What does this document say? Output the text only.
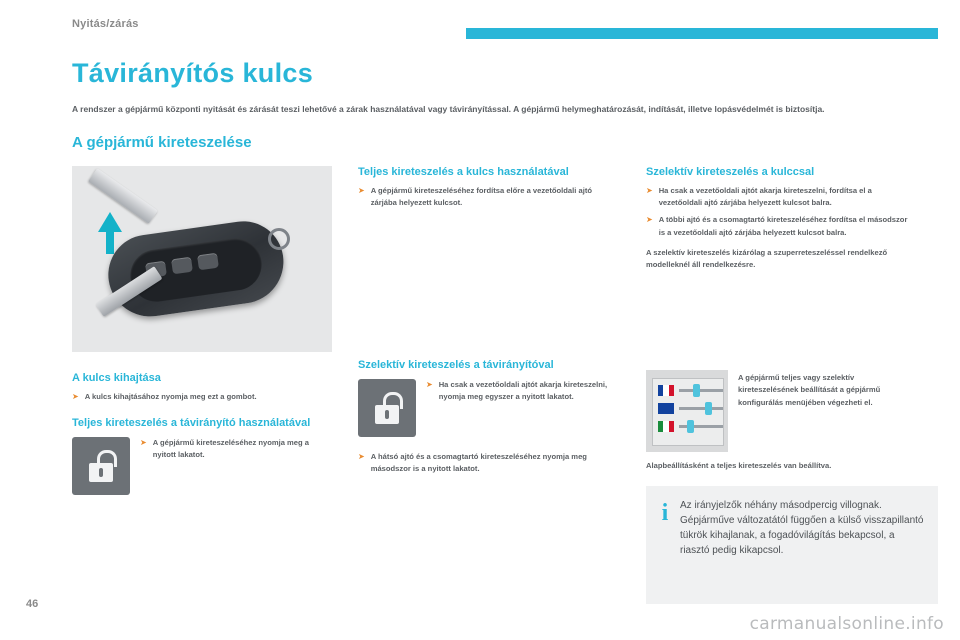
Nyitás/zárás
Távirányítós kulcs
A rendszer a gépjármű központi nyitását és zárását teszi lehetővé a zárak használatával vagy távirányítással. A gépjármű helymeghatározását, indítását, illetve lopásvédelmét is biztosítja.
A gépjármű kireteszelése
A kulcs kihajtása
➤ A kulcs kihajtásához nyomja meg ezt a gombot.
Teljes kireteszelés a távirányító használatával
➤ A gépjármű kireteszeléséhez nyomja meg a nyitott lakatot.
Teljes kireteszelés a kulcs használatával
➤ A gépjármű kireteszeléséhez fordítsa előre a vezetőoldali ajtó zárjába helyezett kulcsot.
Szelektív kireteszelés a távirányítóval
➤ Ha csak a vezetőoldali ajtót akarja kireteszelni, nyomja meg egyszer a nyitott lakatot.
➤ A hátsó ajtó és a csomagtartó kireteszeléséhez nyomja meg másodszor is a nyitott lakatot.
Szelektív kireteszelés a kulccsal
➤ Ha csak a vezetőoldali ajtót akarja kireteszelni, fordítsa el a vezetőoldali ajtó zárjába helyezett kulcsot balra.
➤ A többi ajtó és a csomagtartó kireteszeléséhez fordítsa el másodszor is a vezetőoldali ajtó zárjába helyezett kulcsot balra.
A szelektív kireteszelés kizárólag a szuperreteszeléssel rendelkező modelleknél áll rendelkezésre.
A gépjármű teljes vagy szelektív kireteszelésének beállítását a gépjármű konfigurálás menüjében végezheti el.
Alapbeállításként a teljes kireteszelés van beállítva.
i	Az irányjelzők néhány másodpercig villognak. Gépjárműve változatától függően a külső visszapillantó tükrök kihajlanak, a fogadóvilágítás bekapcsol, a riasztó pedig kikapcsol.
46
carmanualsonline.info
